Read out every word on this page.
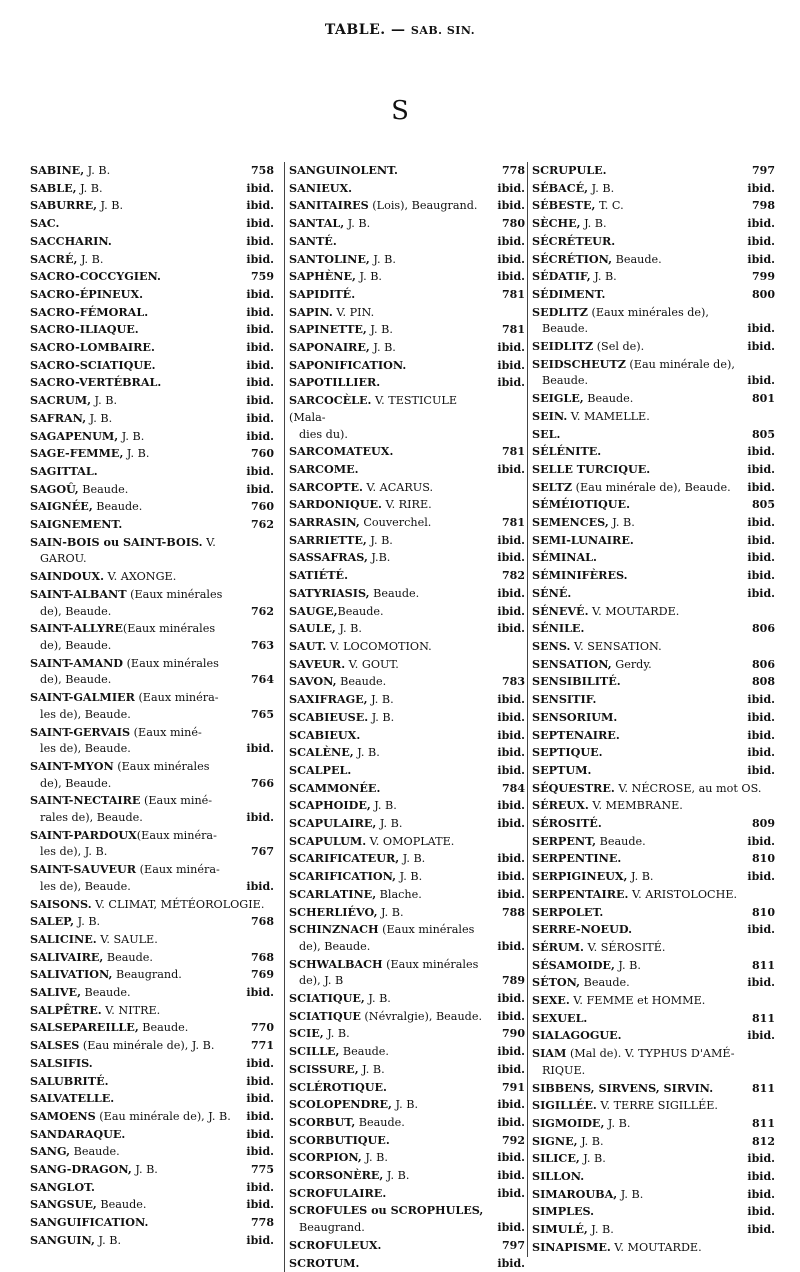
TABLE. — SAB. SIN.
S
SABINE, J. B.	758
SABLE, J. B.	ibid.
SABURRE, J. B.	ibid.
SAC.	ibid.
SACCHARIN.	ibid.
SACRÉ, J. B.	ibid.
SACRO-COCCYGIEN.	759
SACRO-ÉPINEUX.	ibid.
SACRO-FÉMORAL.	ibid.
SACRO-ILIAQUE.	ibid.
SACRO-LOMBAIRE.	ibid.
SACRO-SCIATIQUE.	ibid.
SACRO-VERTÉBRAL.	ibid.
SACRUM, J. B.	ibid.
SAFRAN, J. B.	ibid.
SAGAPENUM, J. B.	ibid.
SAGE-FEMME, J. B.	760
SAGITTAL.	ibid.
SAGOÛ, Beaude.	ibid.
SAIGNÉE, Beaude.	760
SAIGNEMENT.	762
SAIN-BOIS ou SAINT-BOIS. V.
GAROU.
SAINDOUX. V. AXONGE.
SAINT-ALBANT (Eaux minérales
de), Beaude.	762
SAINT-ALLYRE(Eaux minérales
de), Beaude.	763
SAINT-AMAND (Eaux minérales
de), Beaude.	764
SAINT-GALMIER (Eaux minéra-
les de), Beaude.	765
SAINT-GERVAIS (Eaux miné-
les de), Beaude.	ibid.
SAINT-MYON (Eaux minérales
de), Beaude.	766
SAINT-NECTAIRE (Eaux miné-
rales de), Beaude.	ibid.
SAINT-PARDOUX(Eaux minéra-
les de), J. B.	767
SAINT-SAUVEUR (Eaux minéra-
les de), Beaude.	ibid.
SAISONS. V. CLIMAT, MÉTÉOROLOGIE.
SALEP, J. B.	768
SALICINE. V. SAULE.
SALIVAIRE, Beaude.	768
SALIVATION, Beaugrand.	769
SALIVE, Beaude.	ibid.
SALPÊTRE. V. NITRE.
SALSEPAREILLE, Beaude.	770
SALSES (Eau minérale de), J. B.	771
SALSIFIS.	ibid.
SALUBRITÉ.	ibid.
SALVATELLE.	ibid.
SAMOENS (Eau minérale de), J. B. ibid.
SANDARAQUE.	ibid.
SANG, Beaude.	ibid.
SANG-DRAGON, J. B.	775
SANGLOT.	ibid.
SANGSUE, Beaude.	ibid.
SANGUIFICATION.	778
SANGUIN, J. B.	ibid.
SANGUINOLENT.	778
SANIEUX.	ibid.
SANITAIRES (Lois), Beaugrand. ibid.
SANTAL, J. B.	780
SANTÉ.	ibid.
SANTOLINE, J. B.	ibid.
SAPHÈNE, J. B.	ibid.
SAPIDITÉ.	781
SAPIN. V. PIN.
SAPINETTE, J. B.	781
SAPONAIRE, J. B.	ibid.
SAPONIFICATION.	ibid.
SAPOTILLIER.	ibid.
SARCOCÈLE. V. TESTICULE (Mala-
dies du).
SARCOMATEUX.	781
SARCOME.	ibid.
SARCOPTE. V. ACARUS.
SARDONIQUE. V. RIRE.
SARRASIN, Couverchel.	781
SARRIETTE, J. B.	ibid.
SASSAFRAS, J.B.	ibid.
SATIÉTÉ.	782
SATYRIASIS, Beaude.	ibid.
SAUGE,Beaude.	ibid.
SAULE, J. B.	ibid.
SAUT. V. LOCOMOTION.
SAVEUR. V. GOUT.
SAVON, Beaude.	783
SAXIFRAGE, J. B.	ibid.
SCABIEUSE. J. B.	ibid.
SCABIEUX.	ibid.
SCALÈNE, J. B.	ibid.
SCALPEL.	ibid.
SCAMMONÉE.	784
SCAPHOIDE, J. B.	ibid.
SCAPULAIRE, J. B.	ibid.
SCAPULUM. V. OMOPLATE.
SCARIFICATEUR, J. B.	ibid.
SCARIFICATION, J. B.	ibid.
SCARLATINE, Blache.	ibid.
SCHERLIÉVO, J. B.	788
SCHINZNACH (Eaux minérales
de), Beaude.	ibid.
SCHWALBACH (Eaux minérales
de), J. B	789
SCIATIQUE, J. B.	ibid.
SCIATIQUE (Névralgie), Beaude. ibid.
SCIE, J. B.	790
SCILLE, Beaude.	ibid.
SCISSURE, J. B.	ibid.
SCLÉROTIQUE.	791
SCOLOPENDRE, J. B.	ibid.
SCORBUT, Beaude.	ibid.
SCORBUTIQUE.	792
SCORPION, J. B.	ibid.
SCORSONÈRE, J. B.	ibid.
SCROFULAIRE.	ibid.
SCROFULES ou SCROPHULES,
Beaugrand.	ibid.
SCROFULEUX.	797
SCROTUM.	ibid.
SCRUPULE.	797
SÉBACÉ, J. B.	ibid.
SÉBESTE, T. C.	798
SÈCHE, J. B.	ibid.
SÉCRÉTEUR.	ibid.
SÉCRÉTION, Beaude.	ibid.
SÉDATIF, J. B.	799
SÉDIMENT.	800
SEDLITZ (Eaux minérales de),
Beaude.	ibid.
SEIDLITZ (Sel de).	ibid.
SEIDSCHEUTZ (Eau minérale de),
Beaude.	ibid.
SEIGLE, Beaude.	801
SEIN. V. MAMELLE.
SEL.	805
SÉLÉNITE.	ibid.
SELLE TURCIQUE.	ibid.
SELTZ (Eau minérale de), Beaude. ibid.
SÉMÉIOTIQUE.	805
SEMENCES, J. B.	ibid.
SEMI-LUNAIRE.	ibid.
SÉMINAL.	ibid.
SÉMINIFÈRES.	ibid.
SÉNÉ.	ibid.
SÉNEVÉ. V. MOUTARDE.
SÉNILE.	806
SENS. V. SENSATION.
SENSATION, Gerdy.	806
SENSIBILITÉ.	808
SENSITIF.	ibid.
SENSORIUM.	ibid.
SEPTENAIRE.	ibid.
SEPTIQUE.	ibid.
SEPTUM.	ibid.
SÉQUESTRE. V. NÉCROSE, au mot OS.
SÉREUX. V. MEMBRANE.
SÉROSITÉ.	809
SERPENT, Beaude.	ibid.
SERPENTINE.	810
SERPIGINEUX, J. B.	ibid.
SERPENTAIRE. V. ARISTOLOCHE.
SERPOLET.	810
SERRE-NOEUD.	ibid.
SÉRUM. V. SÉROSITÉ.
SÉSAMOIDE, J. B.	811
SÉTON, Beaude.	ibid.
SEXE. V. FEMME et HOMME.
SEXUEL.	811
SIALAGOGUE.	ibid.
SIAM (Mal de). V. TYPHUS D'AMÉ-
RIQUE.
SIBBENS, SIRVENS, SIRVIN.	811
SIGILLÉE. V. TERRE SIGILLÉE.
SIGMOIDE, J. B.	811
SIGNE, J. B.	812
SILICE, J. B.	ibid.
SILLON.	ibid.
SIMAROUBA, J. B.	ibid.
SIMPLES.	ibid.
SIMULÉ, J. B.	ibid.
SINAPISME. V. MOUTARDE.
